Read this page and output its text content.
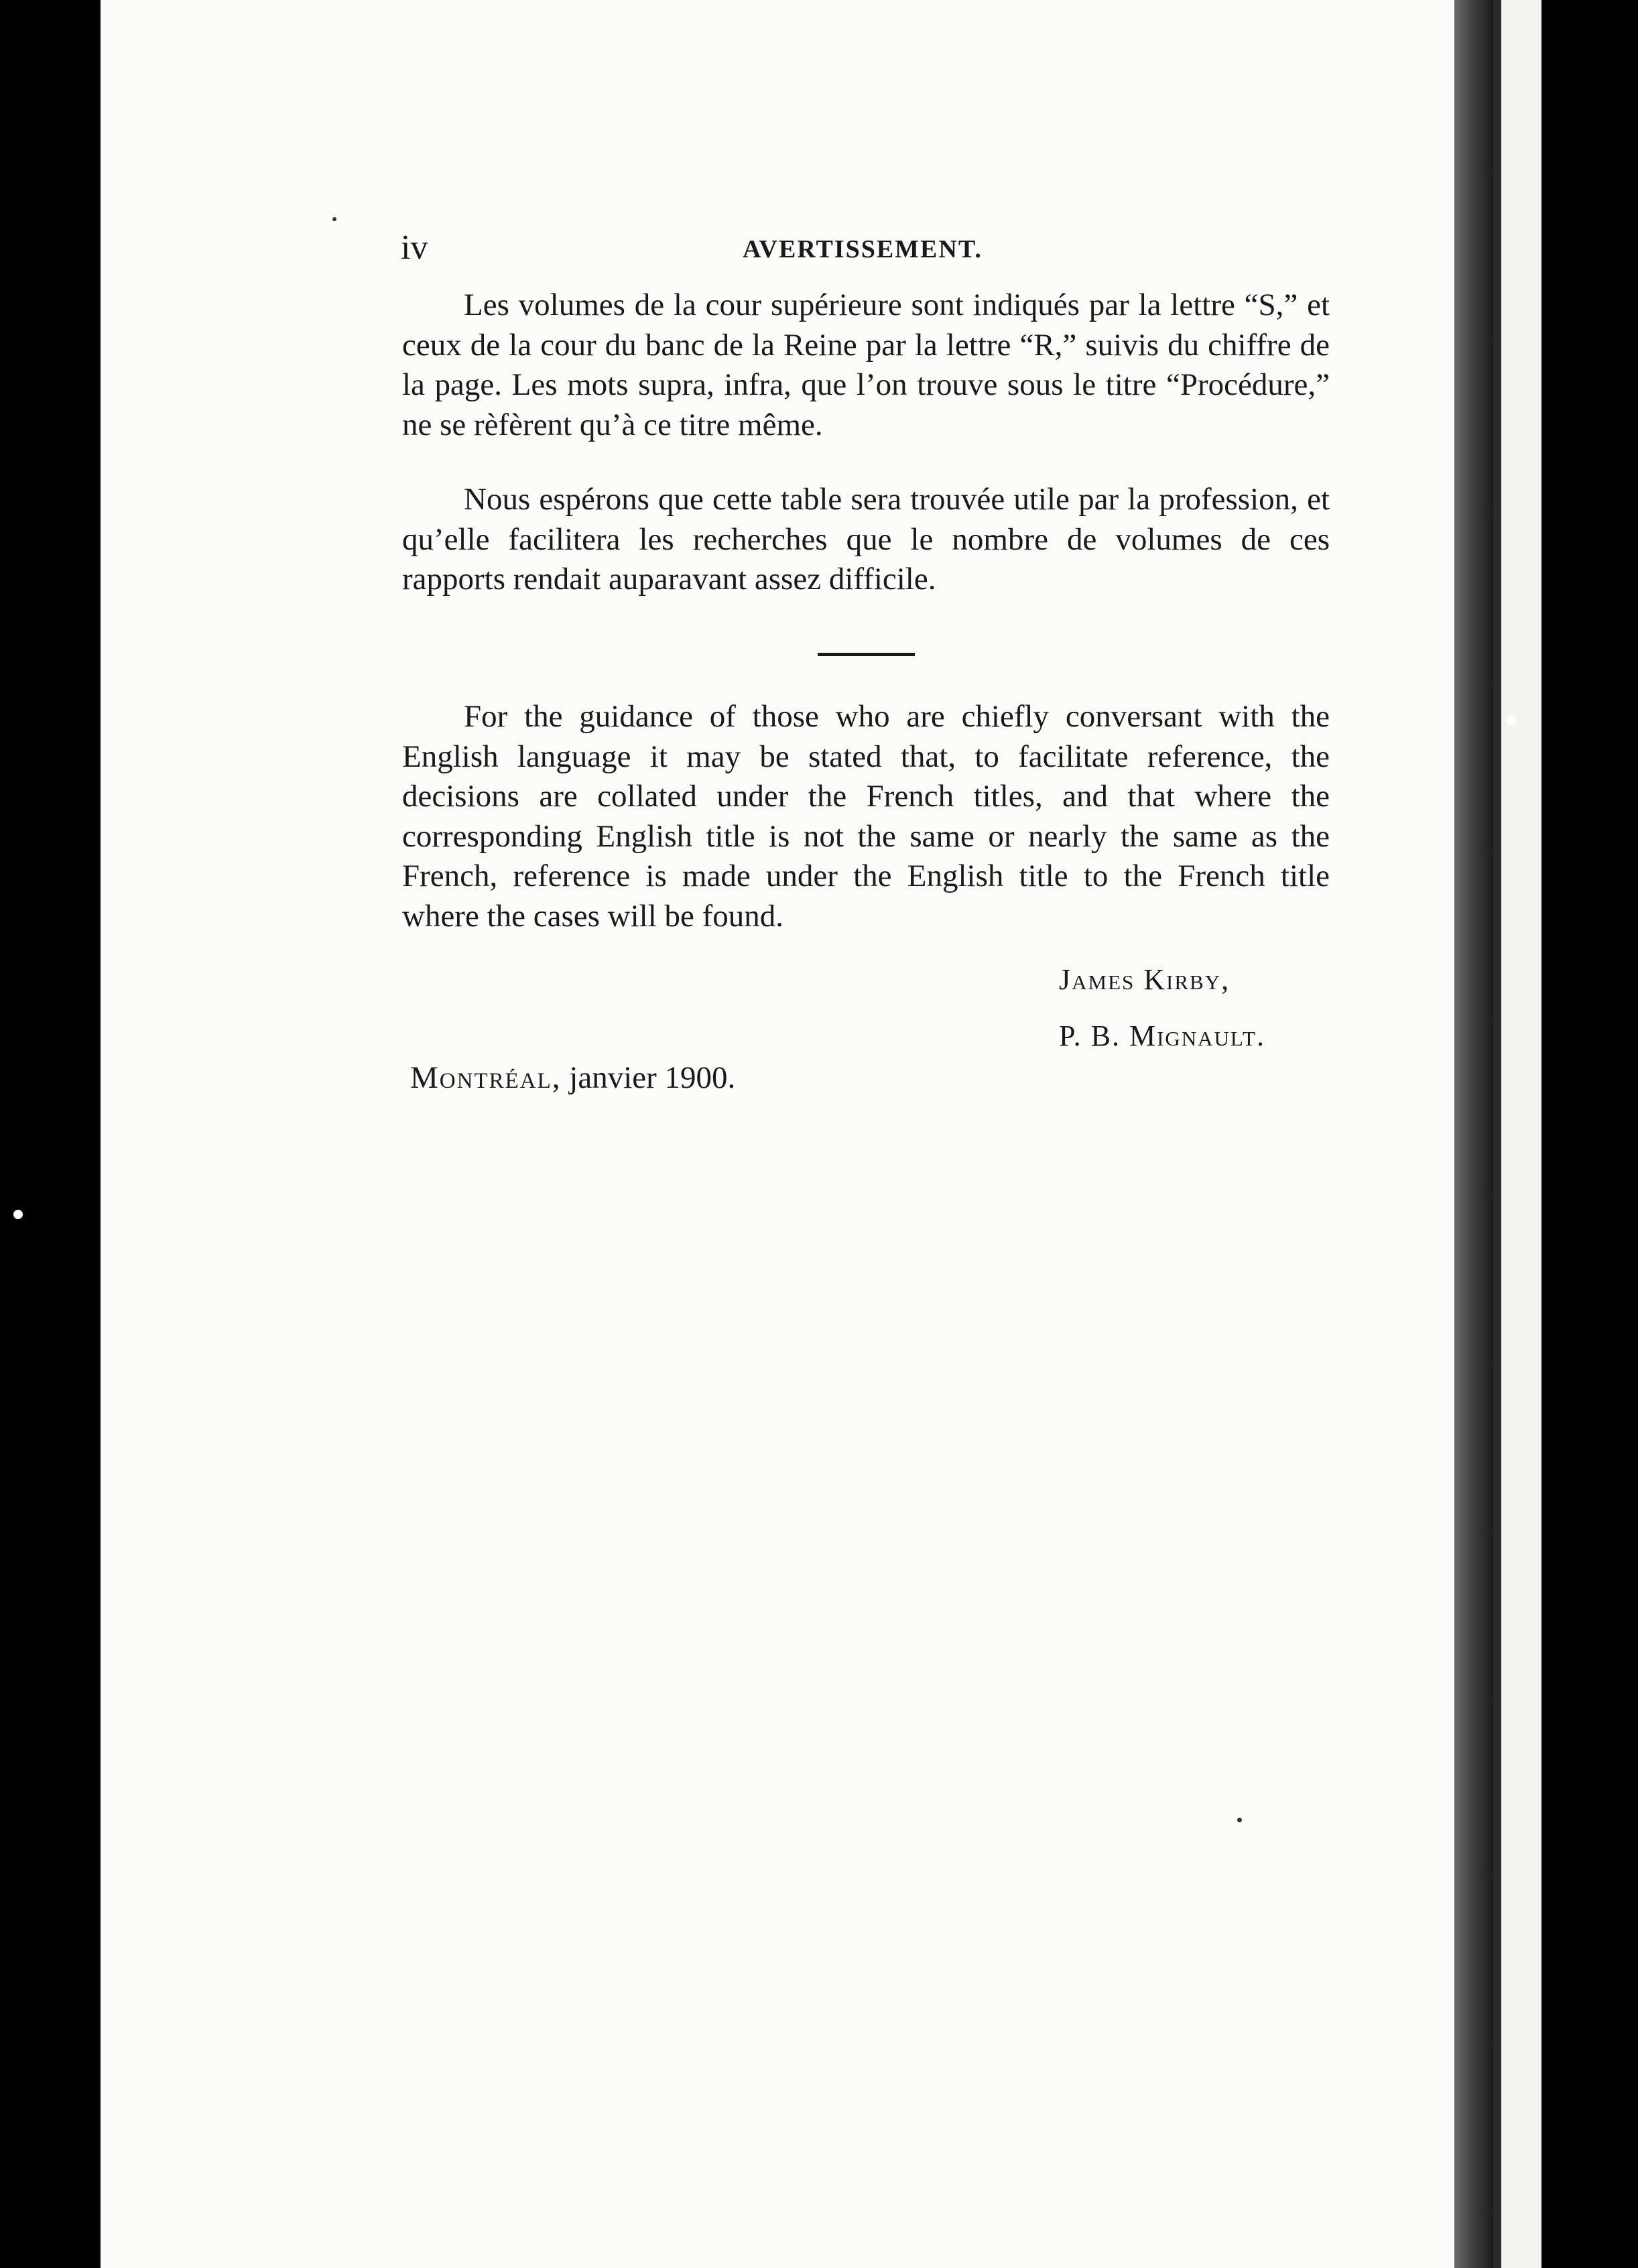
iv	AVERTISSEMENT.

Les volumes de la cour supérieure sont indiqués par la lettre “S,” et ceux de la cour du banc de la Reine par la lettre “R,” suivis du chiffre de la page. Les mots supra, infra, que l’on trouve sous le titre “Procédure,” ne se rèfèrent qu’à ce titre même.

Nous espérons que cette table sera trouvée utile par la profession, et qu’elle facilitera les recherches que le nombre de volumes de ces rapports rendait auparavant assez difficile.

For the guidance of those who are chiefly conversant with the English language it may be stated that, to facilitate reference, the decisions are collated under the French titles, and that where the corresponding English title is not the same or nearly the same as the French, reference is made under the English title to the French title where the cases will be found.

James Kirby,
P. B. Mignault.
Montréal, janvier 1900.
